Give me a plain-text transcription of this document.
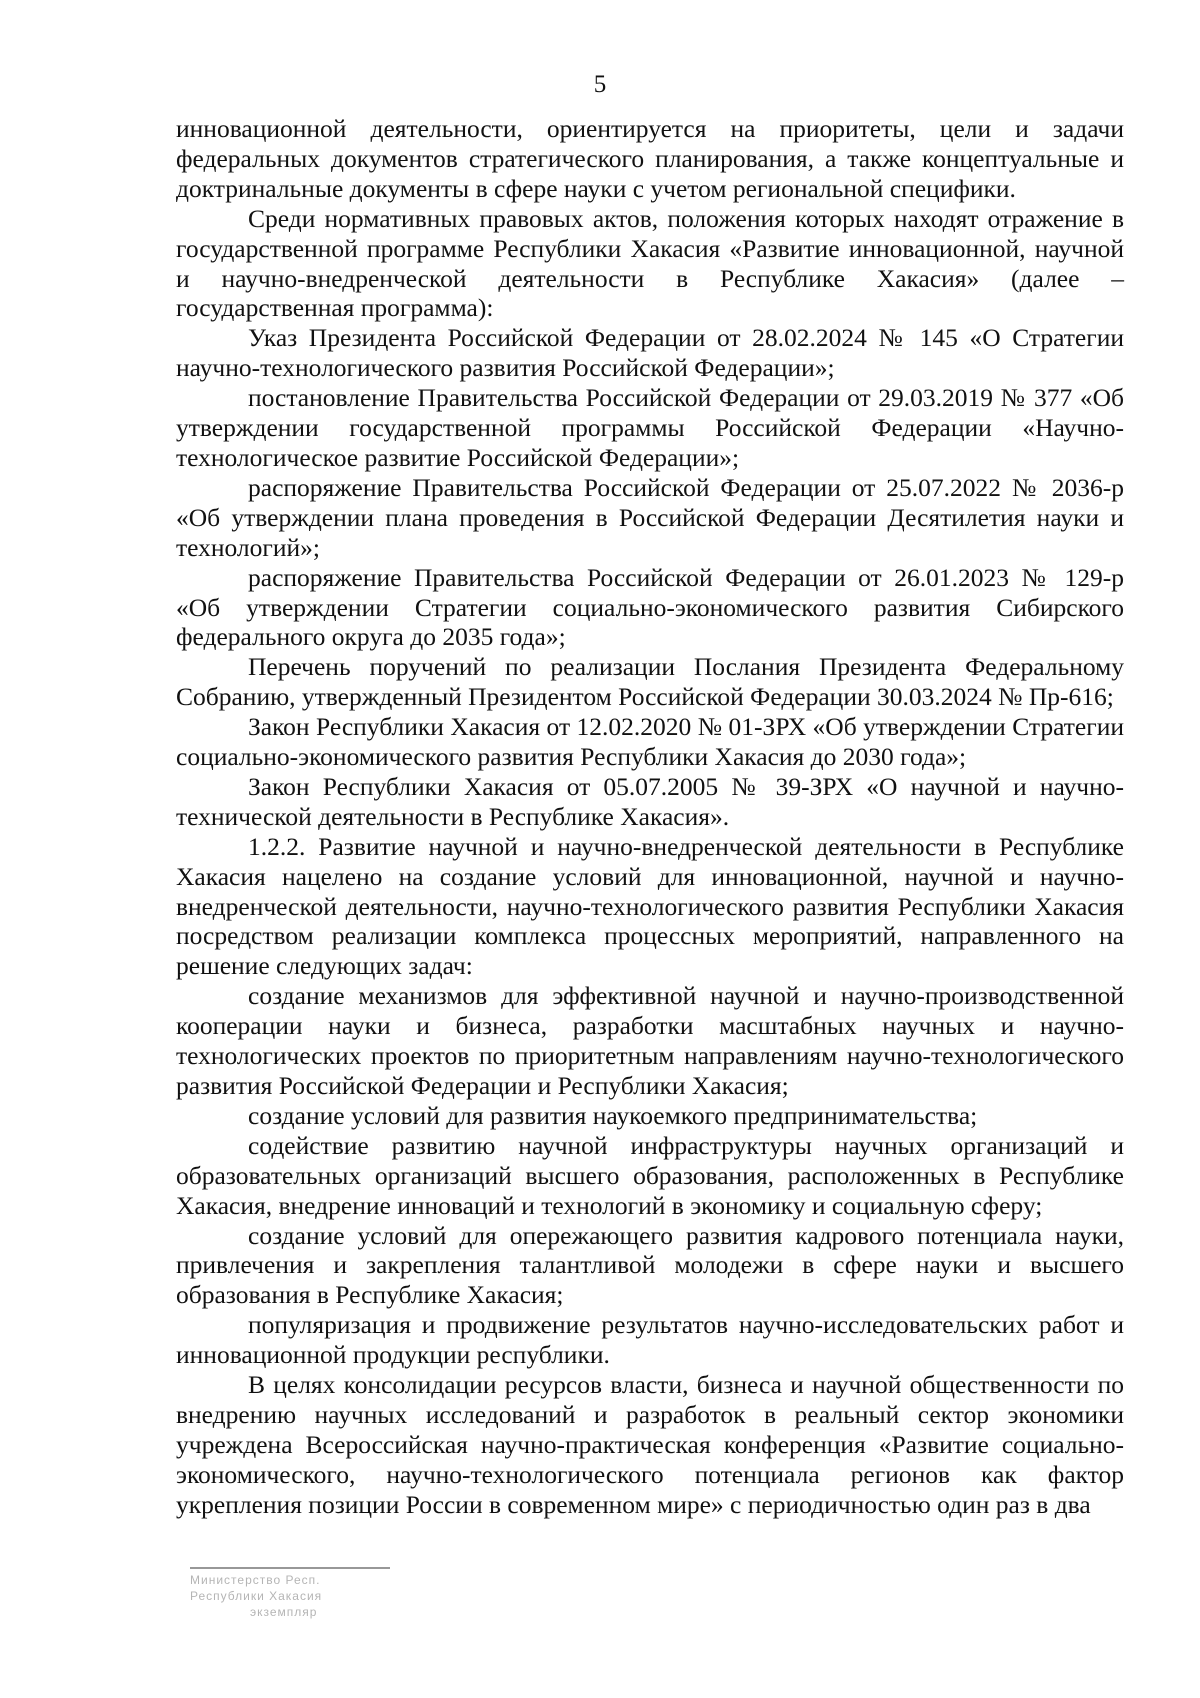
5

инновационной деятельности, ориентируется на приоритеты, цели и задачи федеральных документов стратегического планирования, а также концептуальные и доктринальные документы в сфере науки с учетом региональной специфики.

Среди нормативных правовых актов, положения которых находят отражение в государственной программе Республики Хакасия «Развитие инновационной, научной и научно-внедренческой деятельности в Республике Хакасия» (далее – государственная программа):

Указ Президента Российской Федерации от 28.02.2024 № 145 «О Стратегии научно-технологического развития Российской Федерации»;

постановление Правительства Российской Федерации от 29.03.2019 № 377 «Об утверждении государственной программы Российской Федерации «Научно-технологическое развитие Российской Федерации»;

распоряжение Правительства Российской Федерации от 25.07.2022 № 2036-р «Об утверждении плана проведения в Российской Федерации Десятилетия науки и технологий»;

распоряжение Правительства Российской Федерации от 26.01.2023 № 129-р «Об утверждении Стратегии социально-экономического развития Сибирского федерального округа до 2035 года»;

Перечень поручений по реализации Послания Президента Федеральному Собранию, утвержденный Президентом Российской Федерации 30.03.2024 № Пр-616;

Закон Республики Хакасия от 12.02.2020 № 01-ЗРХ «Об утверждении Стратегии социально-экономического развития Республики Хакасия до 2030 года»;

Закон Республики Хакасия от 05.07.2005 № 39-ЗРХ «О научной и научно-технической деятельности в Республике Хакасия».

1.2.2. Развитие научной и научно-внедренческой деятельности в Республике Хакасия нацелено на создание условий для инновационной, научной и научно-внедренческой деятельности, научно-технологического развития Республики Хакасия посредством реализации комплекса процессных мероприятий, направленного на решение следующих задач:

создание механизмов для эффективной научной и научно-производственной кооперации науки и бизнеса, разработки масштабных научных и научно-технологических проектов по приоритетным направлениям научно-технологического развития Российской Федерации и Республики Хакасия;

создание условий для развития наукоемкого предпринимательства;

содействие развитию научной инфраструктуры научных организаций и образовательных организаций высшего образования, расположенных в Республике Хакасия, внедрение инноваций и технологий в экономику и социальную сферу;

создание условий для опережающего развития кадрового потенциала науки, привлечения и закрепления талантливой молодежи в сфере науки и высшего образования в Республике Хакасия;

популяризация и продвижение результатов научно-исследовательских работ и инновационной продукции республики.

В целях консолидации ресурсов власти, бизнеса и научной общественности по внедрению научных исследований и разработок в реальный сектор экономики учреждена Всероссийская научно-практическая конференция «Развитие социально-экономического, научно-технологического потенциала регионов как фактор укрепления позиции России в современном мире» с периодичностью один раз в два

Министерство Респ.
Республики Хакасия
экземпляр
